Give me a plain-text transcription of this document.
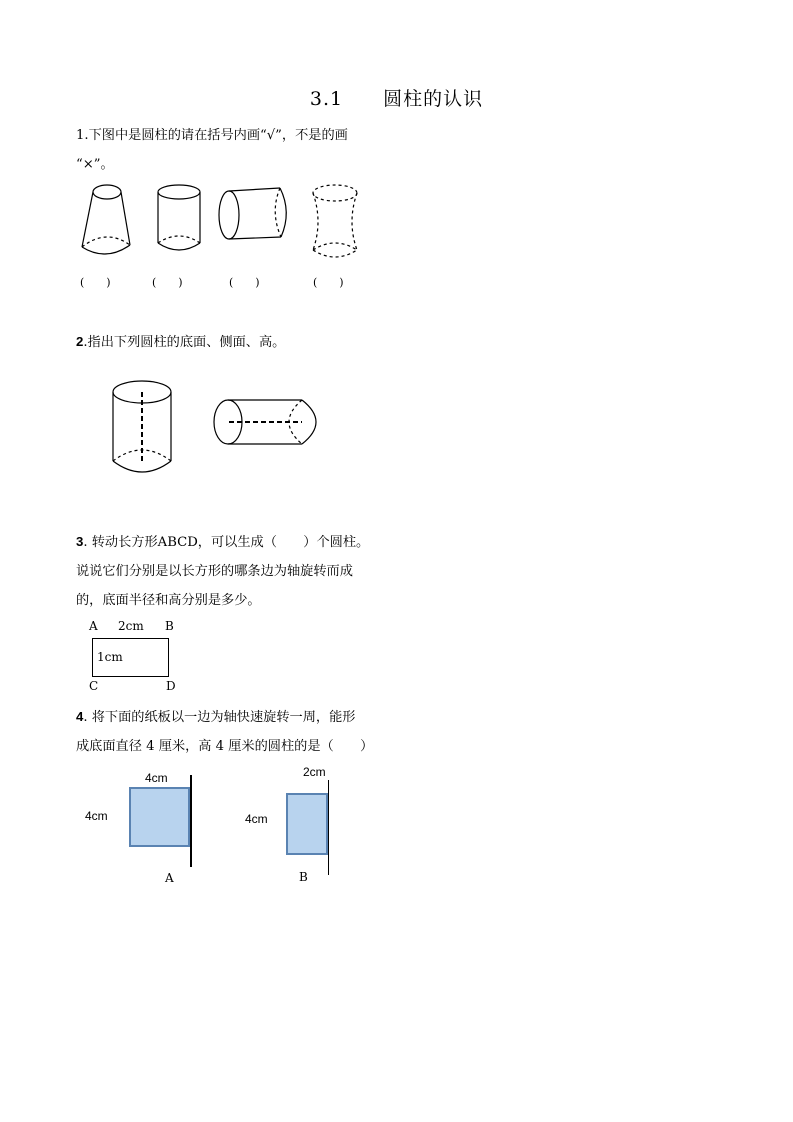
3.1　　圆柱的认识
1.下图中是圆柱的请在括号内画“√”，不是的画
“×”。
(　　)	(　　)	(　　)	(　　)
2.指出下列圆柱的底面、侧面、高。
3. 转动长方形ABCD，可以生成（　　）个圆柱。
说说它们分别是以长方形的哪条边为轴旋转而成
的，底面半径和高分别是多少。
A 2cm B
1cm
C	D
4. 将下面的纸板以一边为轴快速旋转一周，能形
成底面直径 4 厘米，高 4 厘米的圆柱的是（　　）
4cm
4cm
A
2cm
4cm
B
